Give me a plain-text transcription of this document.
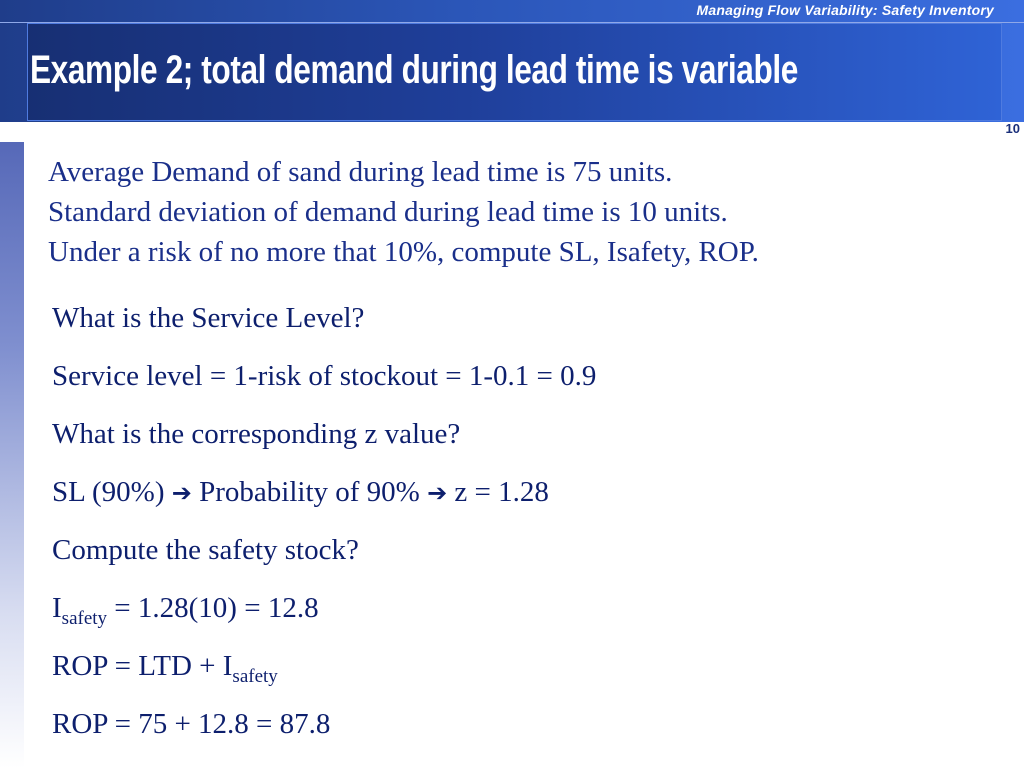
Managing Flow Variability: Safety Inventory
Example 2; total demand during lead time is variable
10
Average Demand of sand during lead time is 75 units.
Standard deviation of demand during lead time is 10 units.
Under a risk of no more that 10%, compute SL, Isafety, ROP.
What is the Service Level?
Service level = 1-risk of stockout = 1-0.1 = 0.9
What is the corresponding z value?
SL (90%) ➔ Probability of 90% ➔ z = 1.28
Compute the safety stock?
$I_{safety} = 1.28(10) = 12.8$
ROP = LTD + $I_{safety}$
ROP = 75 + 12.8 = 87.8
